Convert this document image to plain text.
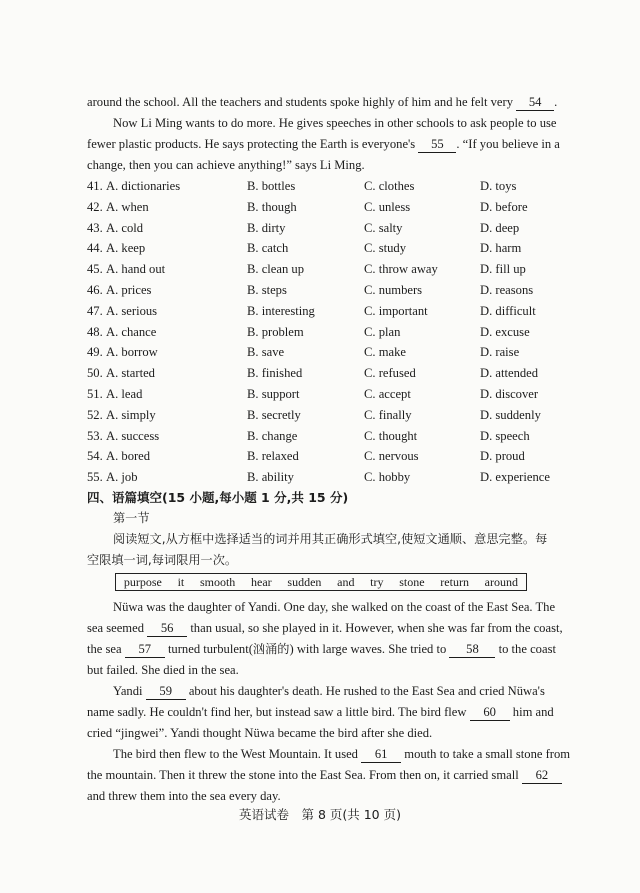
around the school. All the teachers and students spoke highly of him and he felt very 54 .
Now Li Ming wants to do more. He gives speeches in other schools to ask people to use
fewer plastic products. He says protecting the Earth is everyone's 55 . “If you believe in a
change, then you can achieve anything!” says Li Ming.
41. A. dictionaries	B. bottles	C. clothes	D. toys
42. A. when	B. though	C. unless	D. before
43. A. cold	B. dirty	C. salty	D. deep
44. A. keep	B. catch	C. study	D. harm
45. A. hand out	B. clean up	C. throw away	D. fill up
46. A. prices	B. steps	C. numbers	D. reasons
47. A. serious	B. interesting	C. important	D. difficult
48. A. chance	B. problem	C. plan	D. excuse
49. A. borrow	B. save	C. make	D. raise
50. A. started	B. finished	C. refused	D. attended
51. A. lead	B. support	C. accept	D. discover
52. A. simply	B. secretly	C. finally	D. suddenly
53. A. success	B. change	C. thought	D. speech
54. A. bored	B. relaxed	C. nervous	D. proud
55. A. job	B. ability	C. hobby	D. experience
四、语篇填空(15 小题,每小题 1 分,共 15 分)
第一节
阅读短文,从方框中选择适当的词并用其正确形式填空,使短文通顺、意思完整。每
空限填一词,每词限用一次。
purpose it smooth hear sudden and try stone return around
Nüwa was the daughter of Yandi. One day, she walked on the coast of the East Sea. The
sea seemed 56 than usual, so she played in it. However, when she was far from the coast,
the sea 57 turned turbulent(汹涌的) with large waves. She tried to 58 to the coast
but failed. She died in the sea.
Yandi 59 about his daughter's death. He rushed to the East Sea and cried Nüwa's
name sadly. He couldn't find her, but instead saw a little bird. The bird flew 60 him and
cried “jingwei”. Yandi thought Nüwa became the bird after she died.
The bird then flew to the West Mountain. It used 61 mouth to take a small stone from
the mountain. Then it threw the stone into the East Sea. From then on, it carried small 62
and threw them into the sea every day.
英语试卷　第 8 页(共 10 页)
